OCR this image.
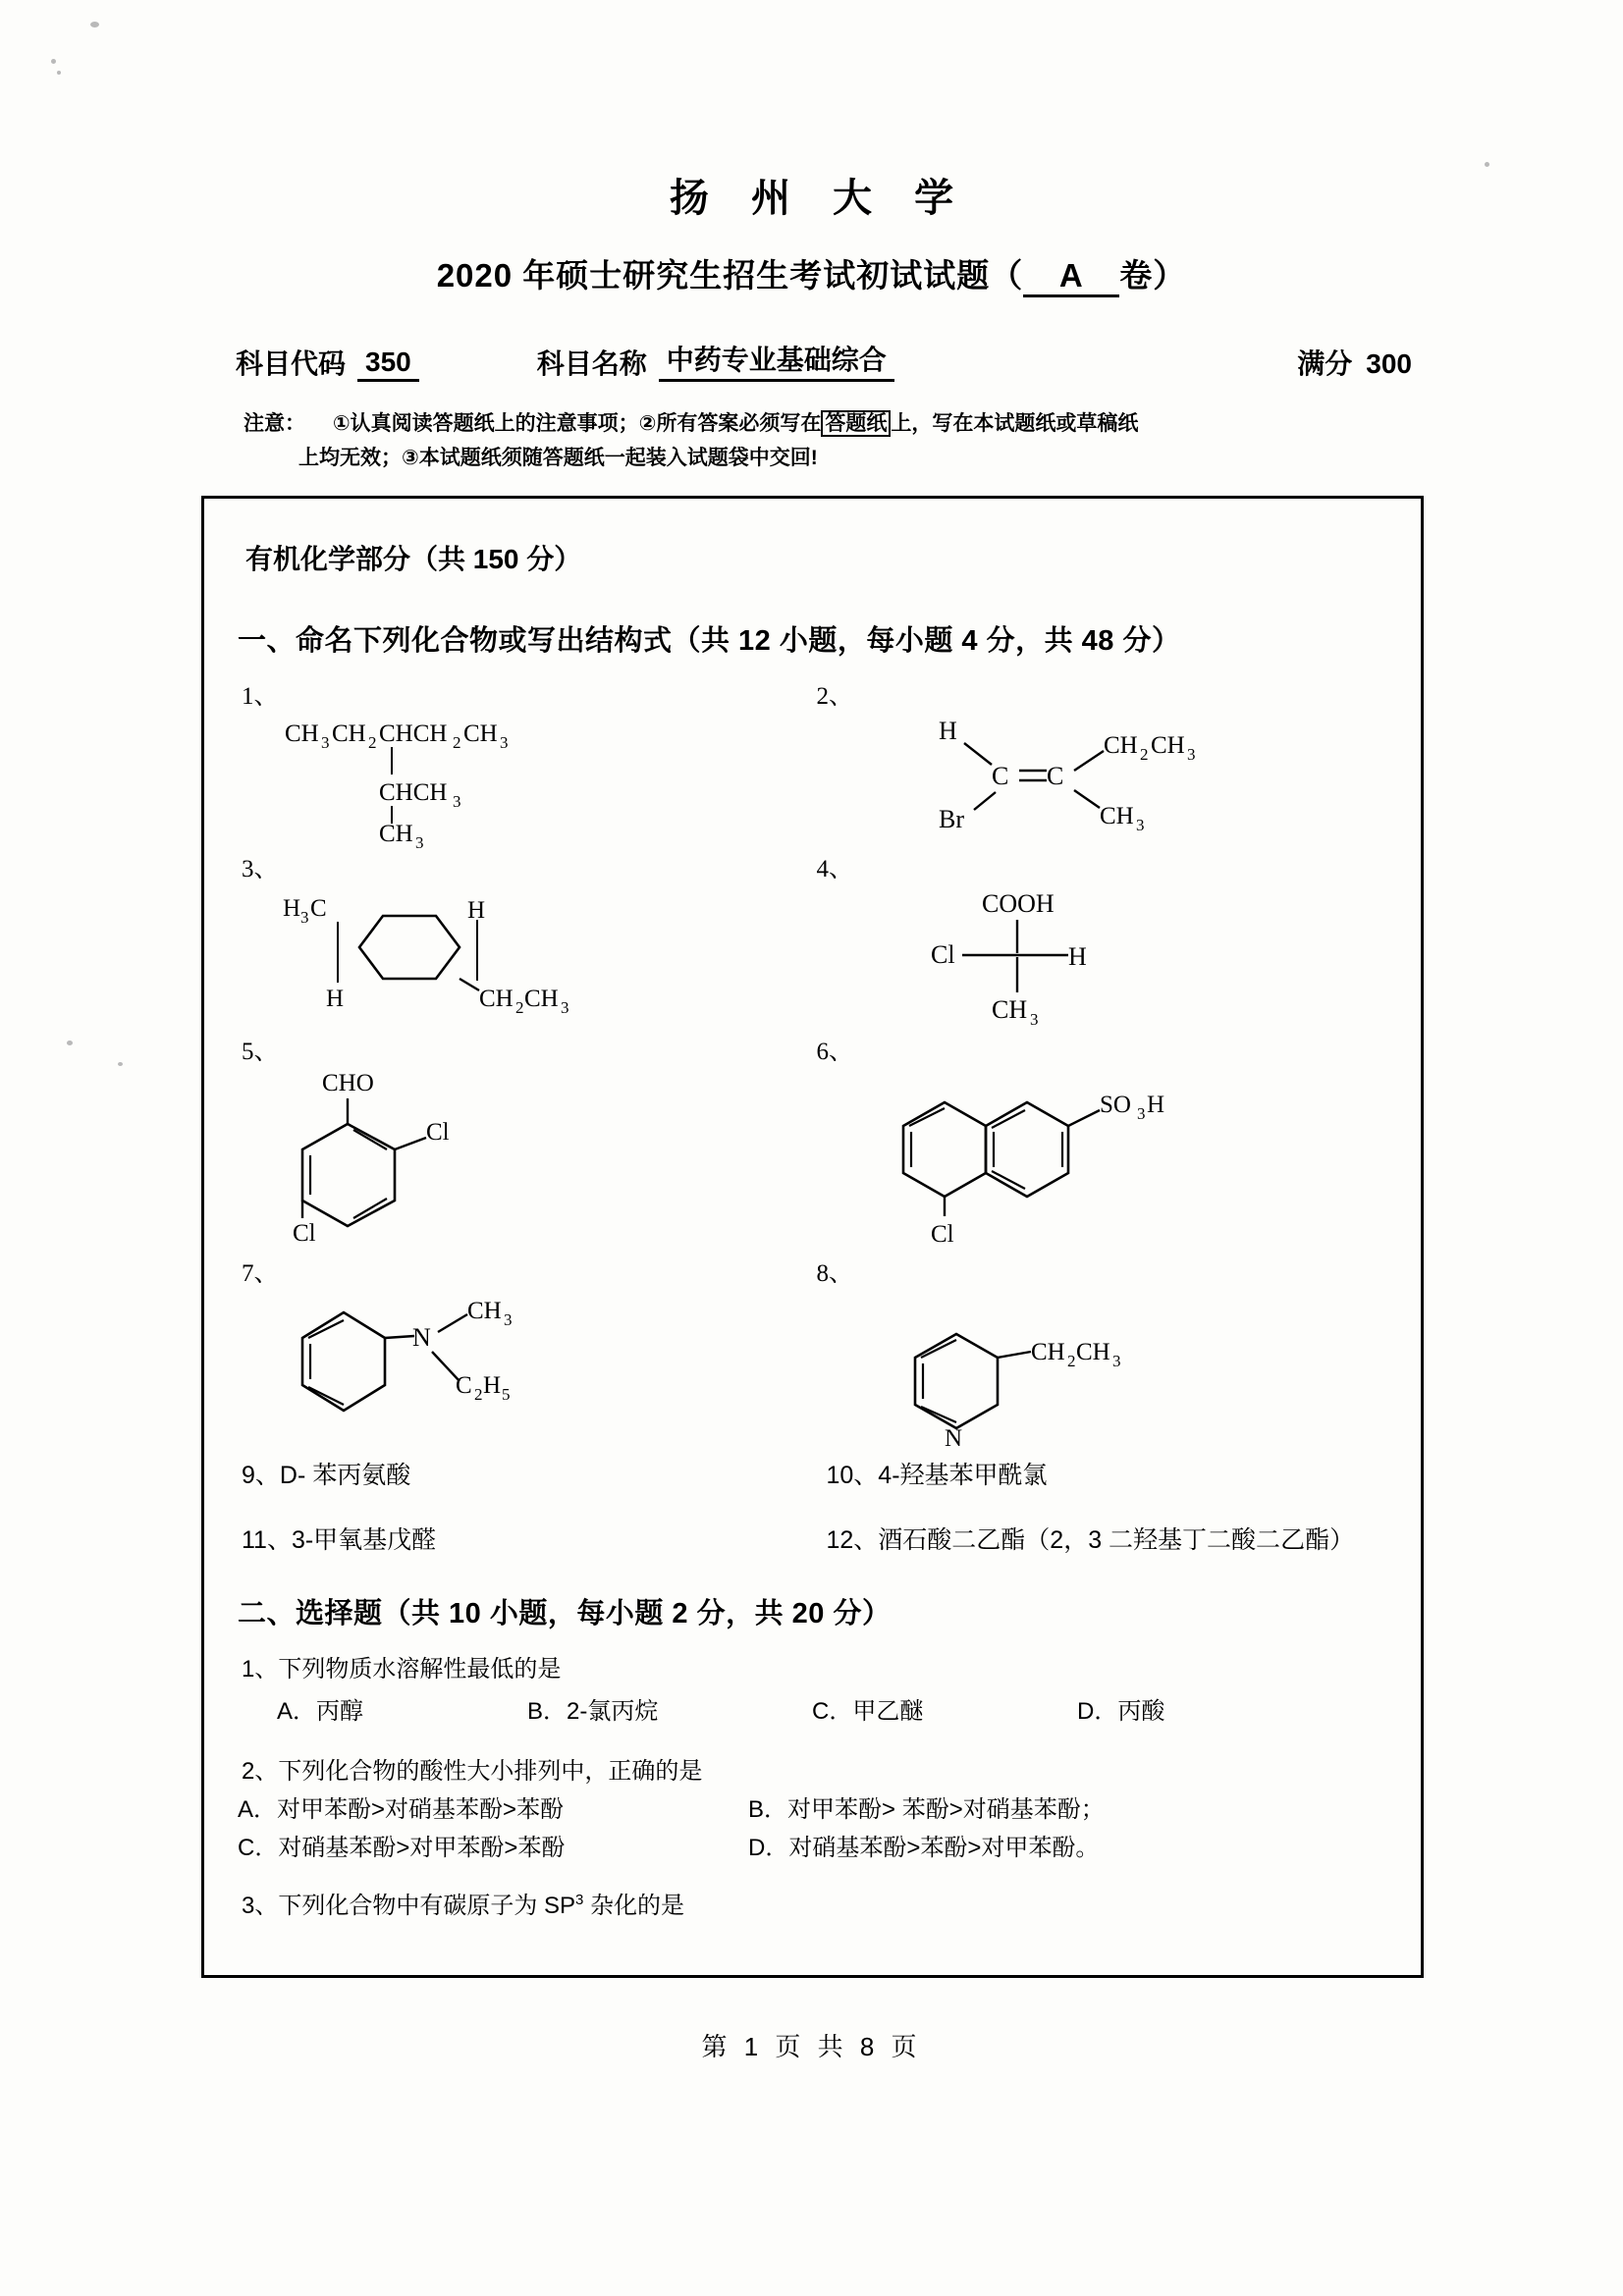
扬 州 大 学
2020 年硕士研究生招生考试初试试题（ A 卷）
科目代码 350	科目名称 中药专业基础综合	满分 300
注意： ①认真阅读答题纸上的注意事项；②所有答案必须写在 答题纸 上，写在本试题纸或草稿纸
上均无效；③本试题纸须随答题纸一起装入试题袋中交回!
有机化学部分（共 150 分）
一、命名下列化合物或写出结构式（共 12 小题，每小题 4 分，共 48 分）
1、
CH 3 CH 2 CHCH 2 CH 3
CHCH 3
CH 3
2、
H
C C
CH 2 CH 3
Br	CH 3
3、
H 3 C
H
H
CH 2 CH 3
4、
COOH
Cl	H
CH 3
5、
CHO
Cl
Cl
6、
SO 3 H
Cl
7、
N
CH 3
C 2 H 5
8、
N
CH 2 CH 3
9、D- 苯丙氨酸	10、4-羟基苯甲酰氯
11、3-甲氧基戊醛	12、酒石酸二乙酯（2，3 二羟基丁二酸二乙酯）
二、选择题（共 10 小题，每小题 2 分，共 20 分）
1、下列物质水溶解性最低的是
A．丙醇	B．2-氯丙烷	C．甲乙醚	D．丙酸
2、下列化合物的酸性大小排列中，正确的是
A．对甲苯酚>对硝基苯酚>苯酚	B．对甲苯酚> 苯酚>对硝基苯酚；
C．对硝基苯酚>对甲苯酚>苯酚	D．对硝基苯酚>苯酚>对甲苯酚。
3、下列化合物中有碳原子为 $SP^3$ 杂化的是
第 1 页 共 8 页
